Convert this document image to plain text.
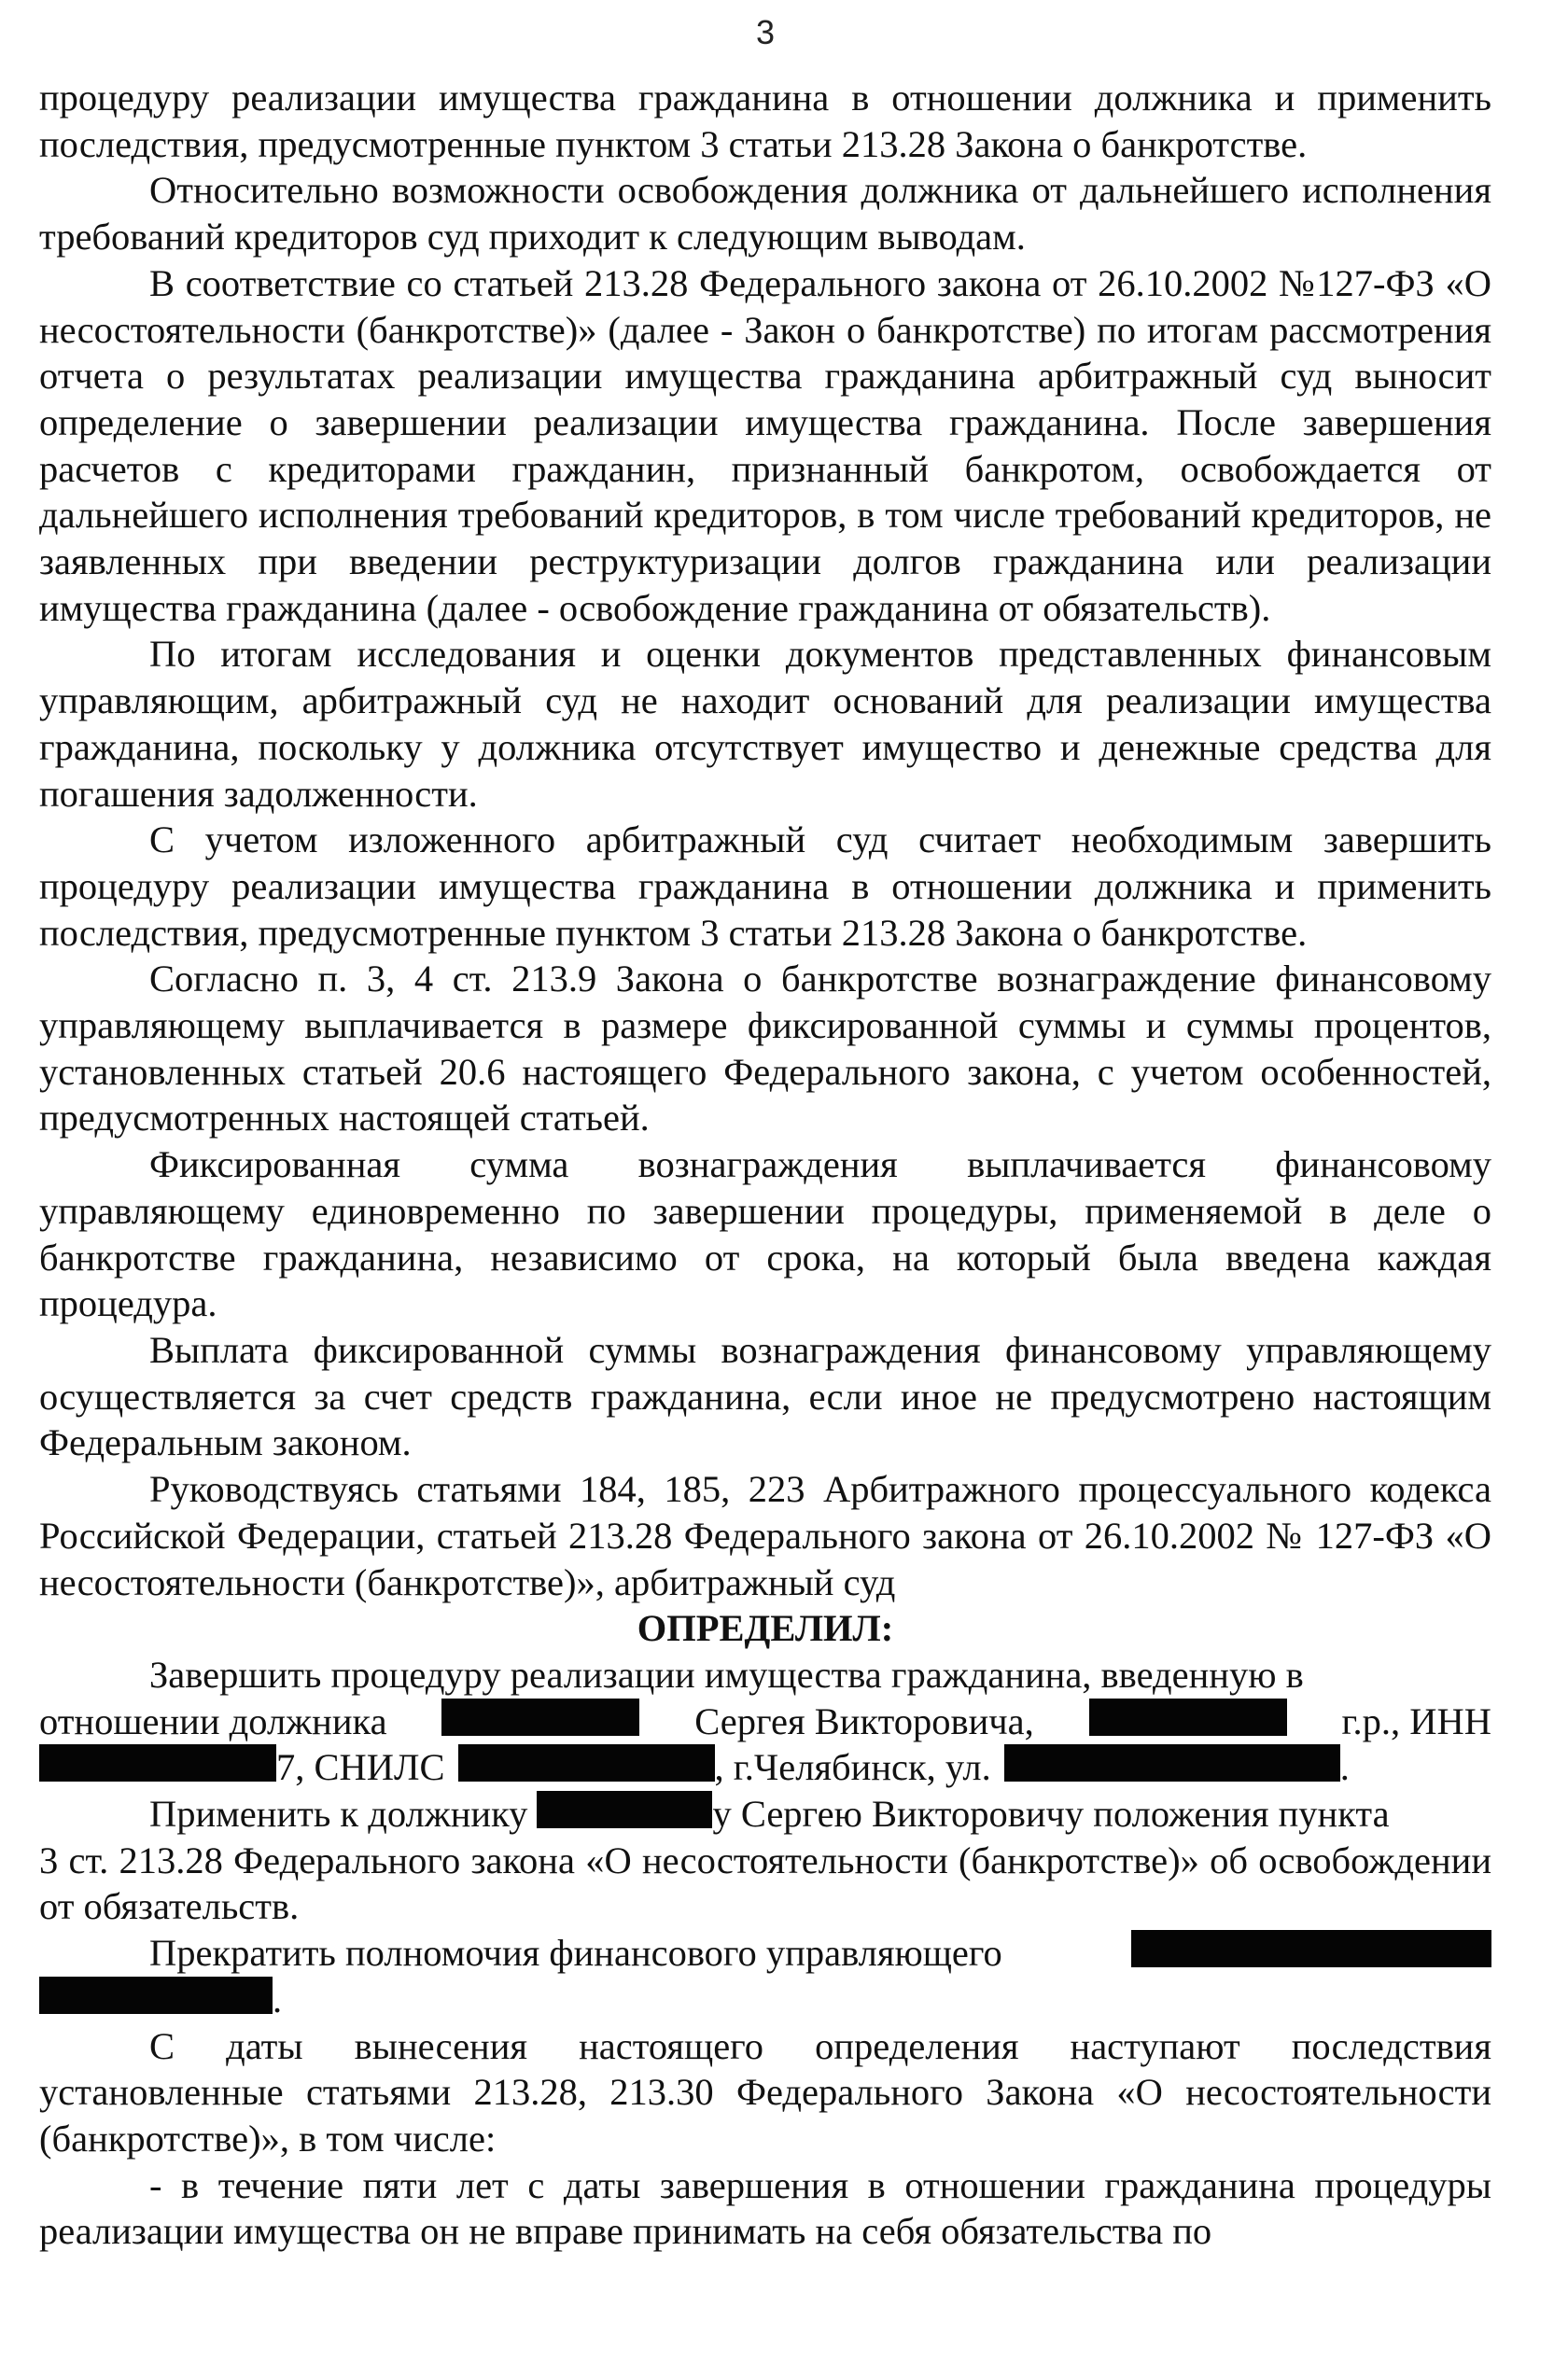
3

процедуру реализации имущества гражданина в отношении должника и применить последствия, предусмотренные пунктом 3 статьи 213.28 Закона о банкротстве.

Относительно возможности освобождения должника от дальнейшего исполнения требований кредиторов суд приходит к следующим выводам.

В соответствие со статьей 213.28 Федерального закона от 26.10.2002 №127-ФЗ «О несостоятельности (банкротстве)» (далее - Закон о банкротстве) по итогам рассмотрения отчета о результатах реализации имущества гражданина арбитражный суд выносит определение о завершении реализации имущества гражданина. После завершения расчетов с кредиторами гражданин, признанный банкротом, освобождается от дальнейшего исполнения требований кредиторов, в том числе требований кредиторов, не заявленных при введении реструктуризации долгов гражданина или реализации имущества гражданина (далее - освобождение гражданина от обязательств).

По итогам исследования и оценки документов представленных финансовым управляющим, арбитражный суд не находит оснований для реализации имущества гражданина, поскольку у должника отсутствует имущество и денежные средства для погашения задолженности.

С учетом изложенного арбитражный суд считает необходимым завершить процедуру реализации имущества гражданина в отношении должника и применить последствия, предусмотренные пунктом 3 статьи 213.28 Закона о банкротстве.

Согласно п. 3, 4 ст. 213.9 Закона о банкротстве вознаграждение финансовому управляющему выплачивается в размере фиксированной суммы и суммы процентов, установленных статьей 20.6 настоящего Федерального закона, с учетом особенностей, предусмотренных настоящей статьей.

Фиксированная сумма вознаграждения выплачивается финансовому управляющему единовременно по завершении процедуры, применяемой в деле о банкротстве гражданина, независимо от срока, на который была введена каждая процедура.

Выплата фиксированной суммы вознаграждения финансовому управляющему осуществляется за счет средств гражданина, если иное не предусмотрено настоящим Федеральным законом.

Руководствуясь статьями 184, 185, 223 Арбитражного процессуального кодекса Российской Федерации, статьей 213.28 Федерального закона от 26.10.2002 № 127-ФЗ «О несостоятельности (банкротстве)», арбитражный суд

ОПРЕДЕЛИЛ:

Завершить процедуру реализации имущества гражданина, введенную в

отношении должника	Сергея Викторовича,	г.р., ИНН
7, СНИЛС	, г.Челябинск, ул.	.
Применить к должнику	у Сергею Викторовичу положения пункта

3 ст. 213.28 Федерального закона «О несостоятельности (банкротстве)» об освобождении от обязательств.

Прекратить полномочия финансового управляющего
.

С даты вынесения настоящего определения наступают последствия установленные статьями 213.28, 213.30 Федерального Закона «О несостоятельности (банкротстве)», в том числе:

- в течение пяти лет с даты завершения в отношении гражданина процедуры реализации имущества он не вправе принимать на себя обязательства по
